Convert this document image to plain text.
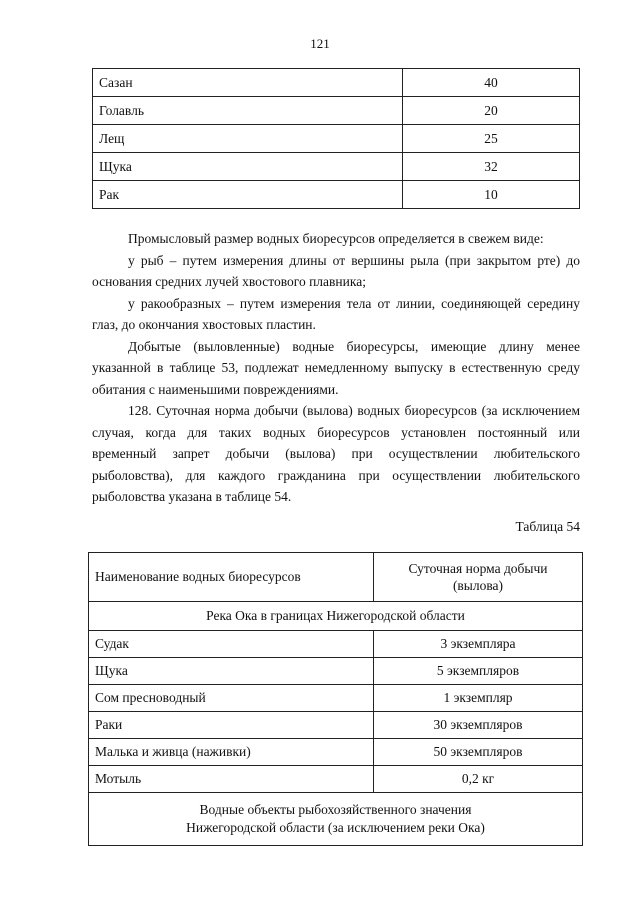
121
Сазан	40
Голавль	20
Лещ	25
Щука	32
Рак	10

Промысловый размер водных биоресурсов определяется в свежем виде:

у рыб – путем измерения длины от вершины рыла (при закрытом рте) до основания средних лучей хвостового плавника;

у ракообразных – путем измерения тела от линии, соединяющей середину глаз, до окончания хвостовых пластин.

Добытые (выловленные) водные биоресурсы, имеющие длину менее указанной в таблице 53, подлежат немедленному выпуску в естественную среду обитания с наименьшими повреждениями.

128. Суточная норма добычи (вылова) водных биоресурсов (за исключением случая, когда для таких водных биоресурсов установлен постоянный или временный запрет добычи (вылова) при осуществлении любительского рыболовства), для каждого гражданина при осуществлении любительского рыболовства указана в таблице 54.

Таблица 54
Наименование водных биоресурсов	Суточная норма добычи
(вылова)
Река Ока в границах Нижегородской области	
Судак	3 экземпляра
Щука	5 экземпляров
Сом пресноводный	1 экземпляр
Раки	30 экземпляров
Малька и живца (наживки)	50 экземпляров
Мотыль	0,2 кг
Водные объекты рыбохозяйственного значения
Нижегородской области (за исключением реки Ока)	
